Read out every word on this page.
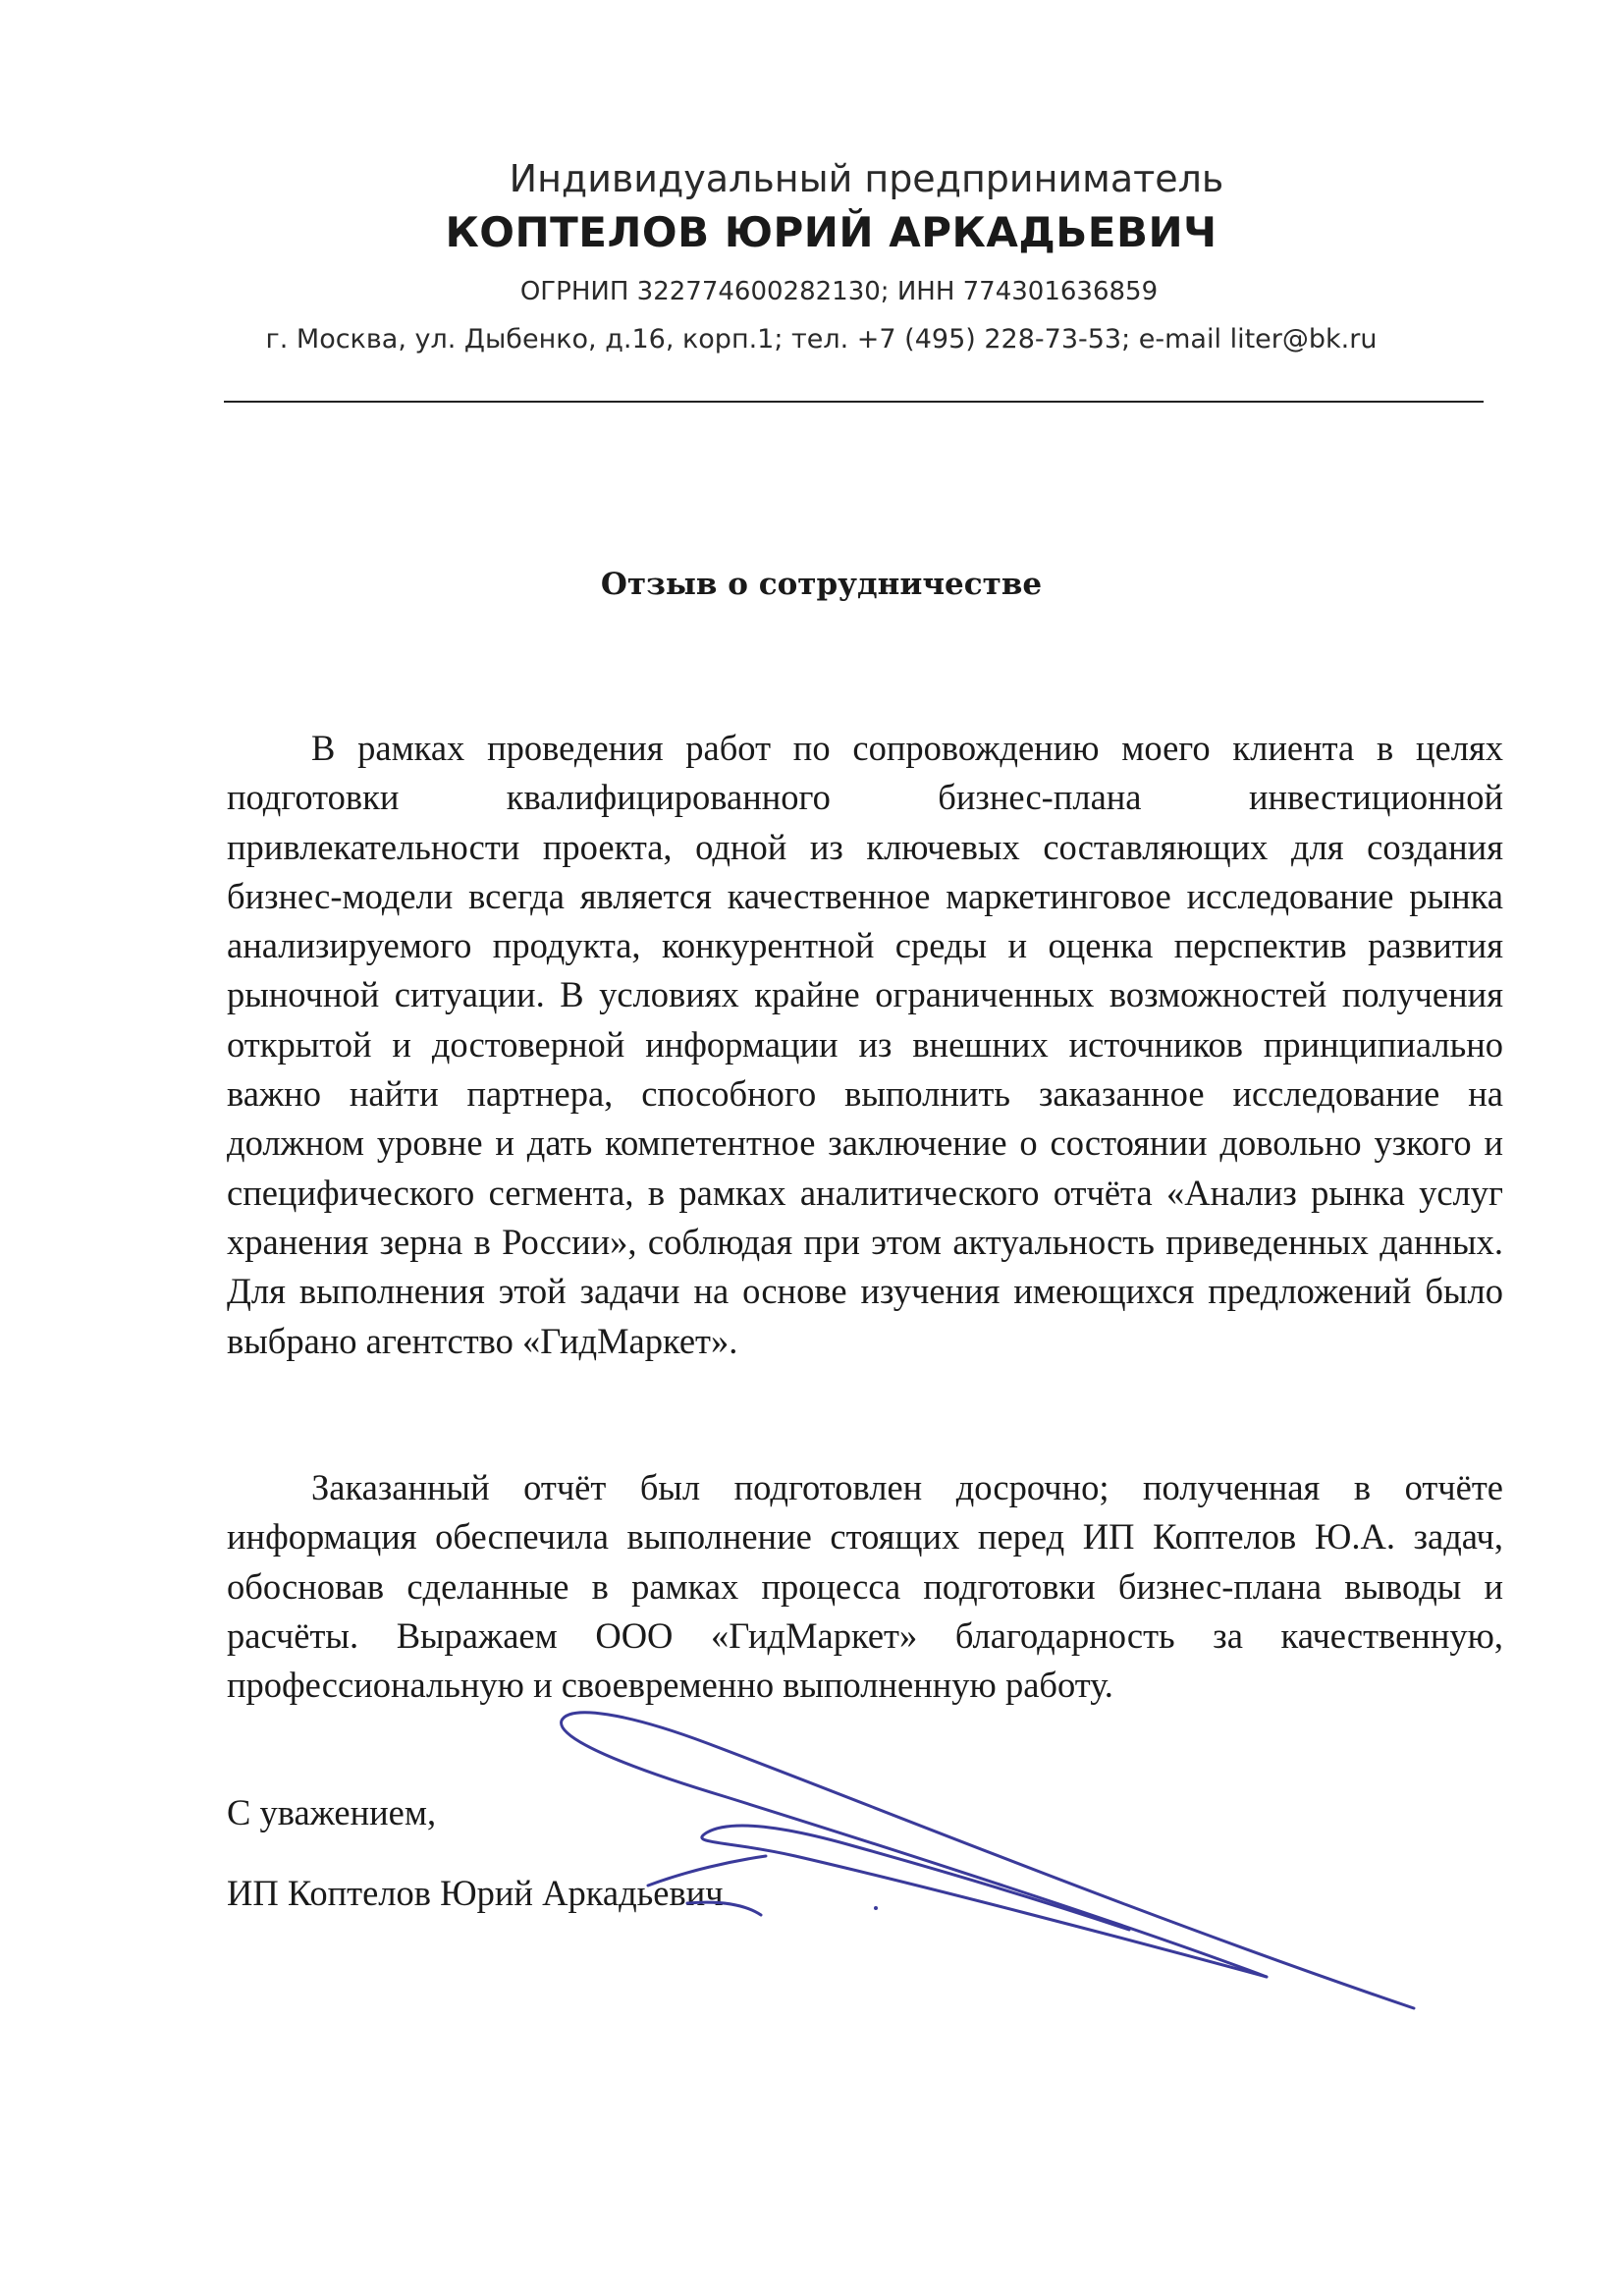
Индивидуальный предприниматель
КОПТЕЛОВ ЮРИЙ АРКАДЬЕВИЧ
ОГРНИП 322774600282130; ИНН 774301636859
г. Москва, ул. Дыбенко, д.16, корп.1; тел. +7 (495) 228-73-53; e-mail liter@bk.ru
Отзыв о сотрудничестве

В рамках проведения работ по сопровождению моего клиента в целях подготовки квалифицированного бизнес-плана инвестиционной привлекательности проекта, одной из ключевых составляющих для создания бизнес-модели всегда является качественное маркетинговое исследование рынка анализируемого продукта, конкурентной среды и оценка перспектив развития рыночной ситуации. В условиях крайне ограниченных возможностей получения открытой и достоверной информации из внешних источников принципиально важно найти партнера, способного выполнить заказанное исследование на должном уровне и дать компетентное заключение о состоянии довольно узкого и специфического сегмента, в рамках аналитического отчёта «Анализ рынка услуг хранения зерна в России», соблюдая при этом актуальность приведенных данных. Для выполнения этой задачи на основе изучения имеющихся предложений было выбрано агентство «ГидМаркет».

Заказанный отчёт был подготовлен досрочно; полученная в отчёте информация обеспечила выполнение стоящих перед ИП Коптелов Ю.А. задач, обосновав сделанные в рамках процесса подготовки бизнес-плана выводы и расчёты. Выражаем ООО «ГидМаркет» благодарность за качественную, профессиональную и своевременно выполненную работу.

С уважением,
ИП Коптелов Юрий Аркадьевич
